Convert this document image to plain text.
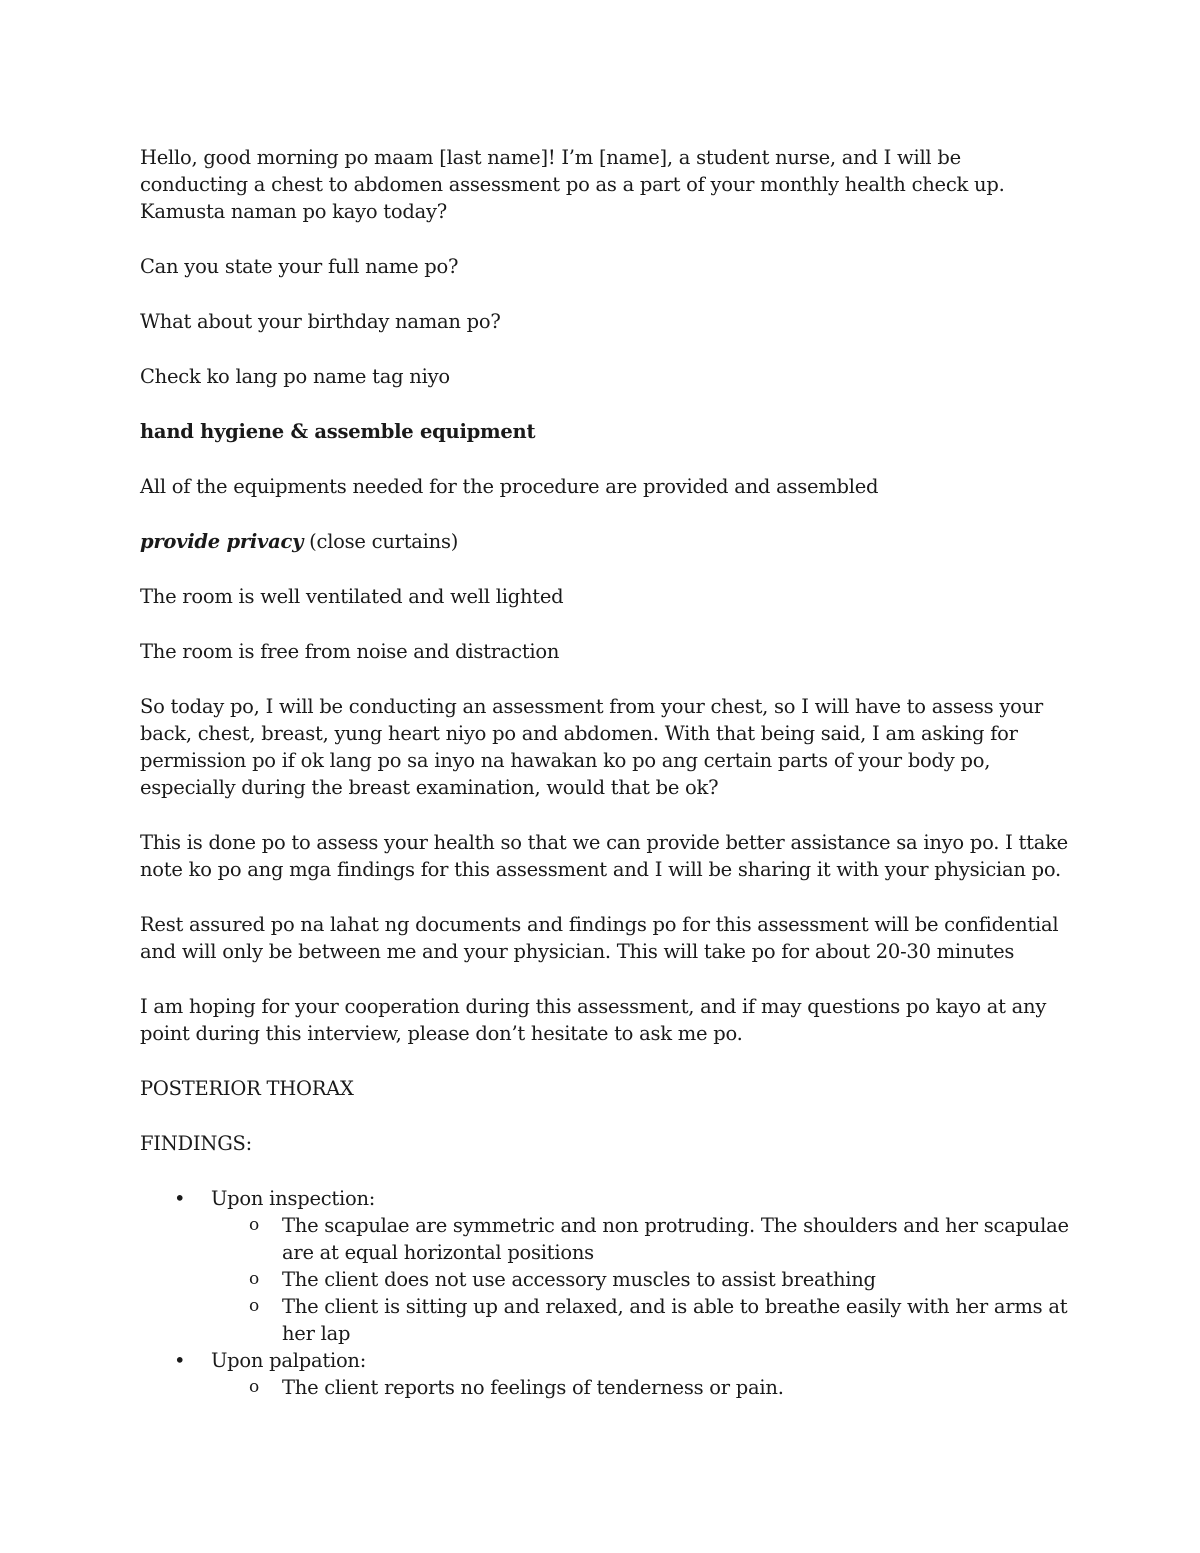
Hello, good morning po maam [last name]! I’m [name], a student nurse, and I will be conducting a chest to abdomen assessment po as a part of your monthly health check up. Kamusta naman po kayo today?

Can you state your full name po?

What about your birthday naman po?

Check ko lang po name tag niyo

hand hygiene & assemble equipment

All of the equipments needed for the procedure are provided and assembled

provide privacy (close curtains)

The room is well ventilated and well lighted

The room is free from noise and distraction

So today po, I will be conducting an assessment from your chest, so I will have to assess your back, chest, breast, yung heart niyo po and abdomen. With that being said, I am asking for permission po if ok lang po sa inyo na hawakan ko po ang certain parts of your body po, especially during the breast examination, would that be ok?

This is done po to assess your health so that we can provide better assistance sa inyo po. I ttake note ko po ang mga findings for this assessment and I will be sharing it with your physician po.

Rest assured po na lahat ng documents and findings po for this assessment will be confidential and will only be between me and your physician. This will take po for about 20-30 minutes

I am hoping for your cooperation during this assessment, and if may questions po kayo at any point during this interview, please don’t hesitate to ask me po.

POSTERIOR THORAX

FINDINGS:

• Upon inspection:
o The scapulae are symmetric and non protruding. The shoulders and her scapulae are at equal horizontal positions
o The client does not use accessory muscles to assist breathing
o The client is sitting up and relaxed, and is able to breathe easily with her arms at her lap
• Upon palpation:
o The client reports no feelings of tenderness or pain.
